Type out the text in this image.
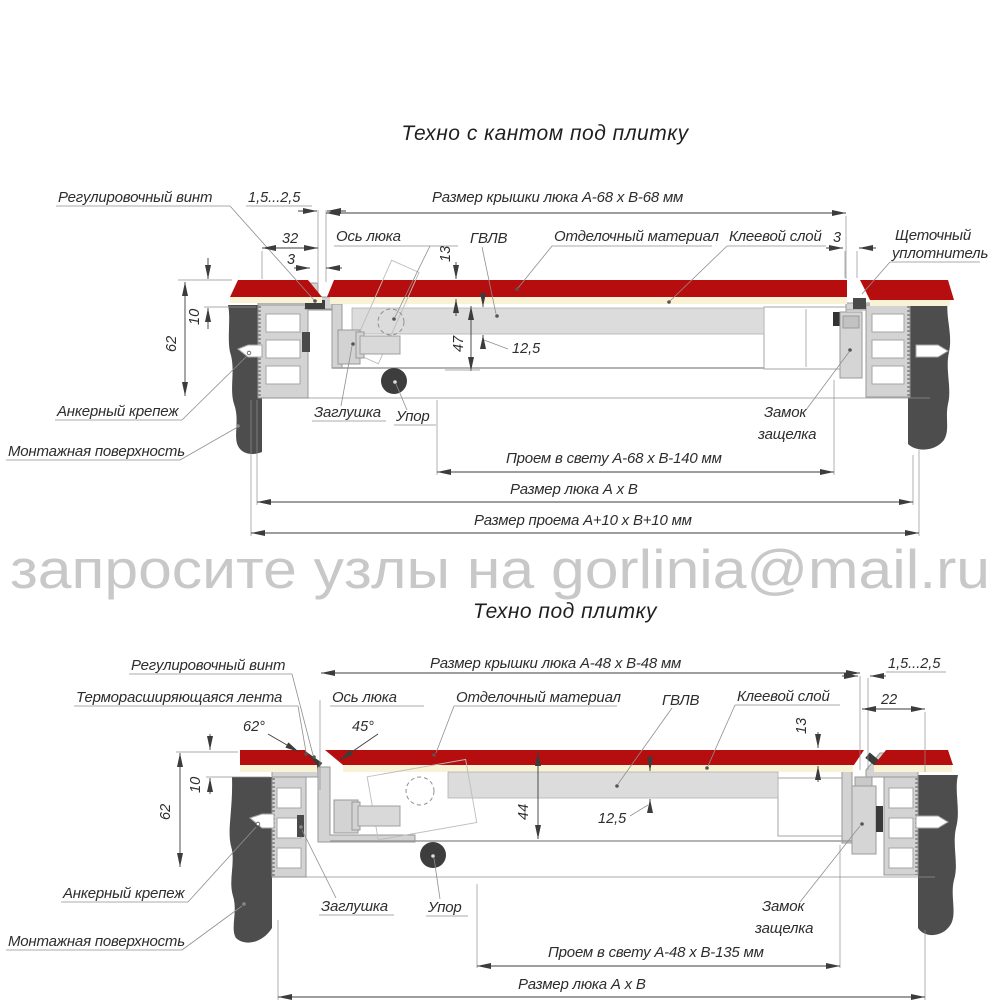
Техно с кантом под плитку
Регулировочный винт 1,5...2,5	Размер крышки люка А-68 х В-68 мм
32	Ось люка
3
ГВЛВ	Отделочный материал Клеевой слой 3	Щеточный
уплотнитель
13
10
62	47	12,5
Анкерный крепеж
Монтажная поверхность
Заглушка Упор	Замок
защелка
Проем в свету А-68 х В-140 мм
Размер люка А х В
Размер проема А+10 х В+10 мм
запросите узлы на gorlinia@mail.ru
Техно под плитку
Регулировочный винт
Терморасширяющаяся лента
62°
Ось люка
45°
Размер крышки люка А-48 х В-48 мм	1,5...2,5
Отделочный материал	ГВЛВ	Клеевой слой	22
13
10
62	44	12,5
Анкерный крепеж
Монтажная поверхность
Заглушка	Упор	Замок
защелка
Проем в свету А-48 х В-135 мм
Размер люка А х В
